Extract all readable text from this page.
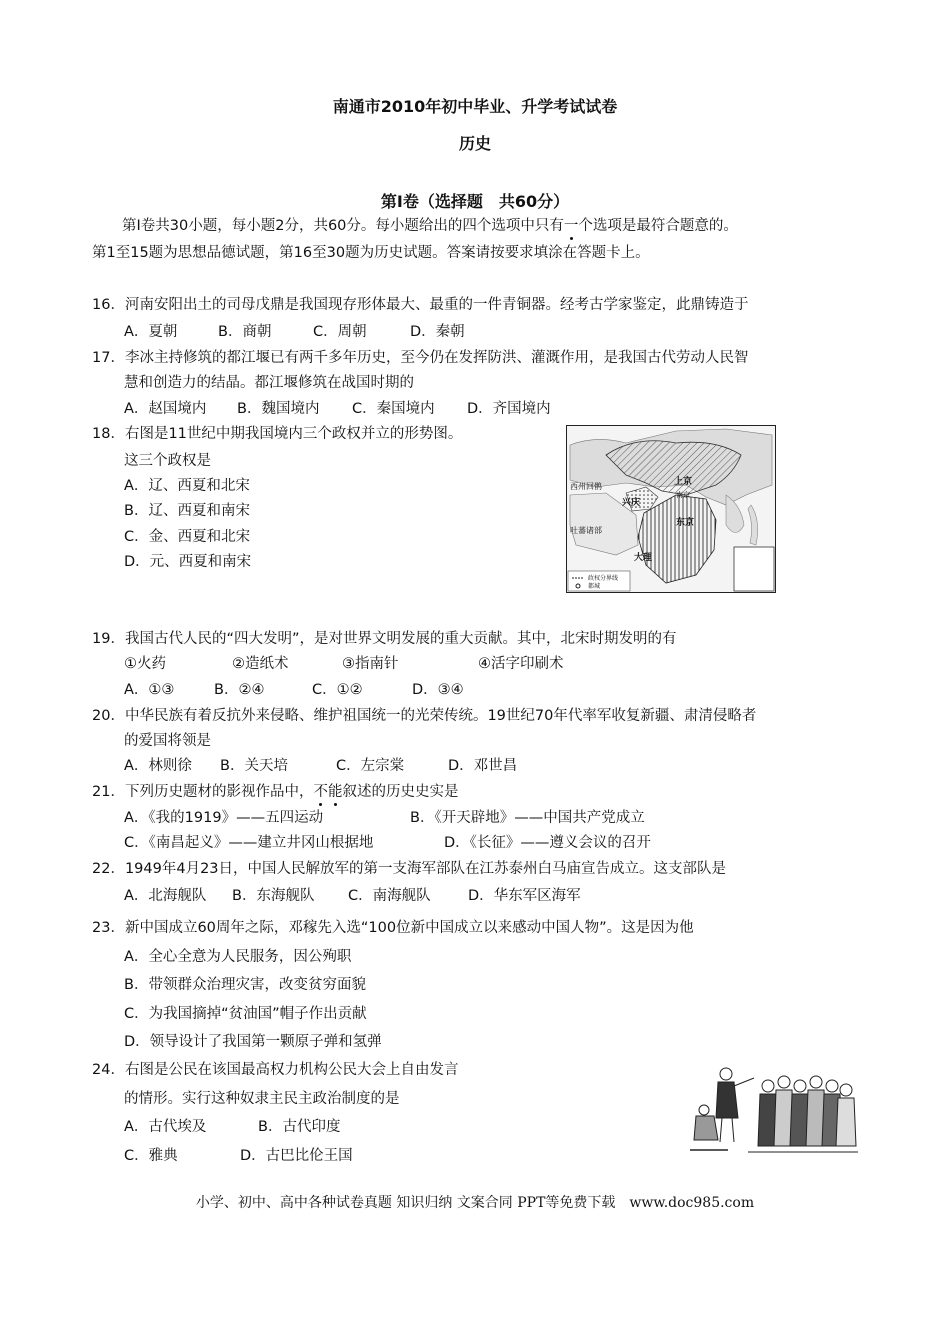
南通市2010年初中毕业、升学考试试卷
历史
第Ⅰ卷（选择题　共60分）
第Ⅰ卷共30小题，每小题2分，共60分。每小题给出的四个选项中只有一个选项是最符合题意的。
第1至15题为思想品德试题，第16至30题为历史试题。答案请按要求填涂在答题卡上。
16．河南安阳出土的司母戊鼎是我国现存形体最大、最重的一件青铜器。经考古学家鉴定，此鼎铸造于
A．夏朝	B．商朝	C．周朝	D．秦朝
17．李冰主持修筑的都江堰已有两千多年历史，至今仍在发挥防洪、灌溉作用，是我国古代劳动人民智
慧和创造力的结晶。都江堰修筑在战国时期的
A．赵国境内 B．魏国境内 C．秦国境内 D．齐国境内
18．右图是11世纪中期我国境内三个政权并立的形势图。
这三个政权是
A．辽、西夏和北宋
B．辽、西夏和南宋
C．金、西夏和北宋
D．元、西夏和南宋
西州回鹘	上京
兴庆
南京
东京
吐蕃诸部
大理
政权分界线
都城
19．我国古代人民的“四大发明”，是对世界文明发展的重大贡献。其中，北宋时期发明的有
①火药	②造纸术	③指南针	④活字印刷术
A．①③	B．②④	C．①②	D．③④
20．中华民族有着反抗外来侵略、维护祖国统一的光荣传统。19世纪70年代率军收复新疆、肃清侵略者
的爱国将领是
A．林则徐 B．关天培	C．左宗棠	D．邓世昌
21．下列历史题材的影视作品中，不能叙述的历史史实是
A．《我的1919》——五四运动	B．《开天辟地》——中国共产党成立
C．《南昌起义》——建立井冈山根据地	D．《长征》——遵义会议的召开
22．1949年4月23日，中国人民解放军的第一支海军部队在江苏泰州白马庙宣告成立。这支部队是
A．北海舰队 B．东海舰队 C．南海舰队	D．华东军区海军
23．新中国成立60周年之际，邓稼先入选“100位新中国成立以来感动中国人物”。这是因为他
A．全心全意为人民服务，因公殉职
B．带领群众治理灾害，改变贫穷面貌
C．为我国摘掉“贫油国”帽子作出贡献
D．领导设计了我国第一颗原子弹和氢弹
24．右图是公民在该国最高权力机构公民大会上自由发言
的情形。实行这种奴隶主民主政治制度的是
A．古代埃及	B．古代印度
C．雅典	D．古巴比伦王国
小学、初中、高中各种试卷真题 知识归纳 文案合同 PPT等免费下载　www.doc985.com
